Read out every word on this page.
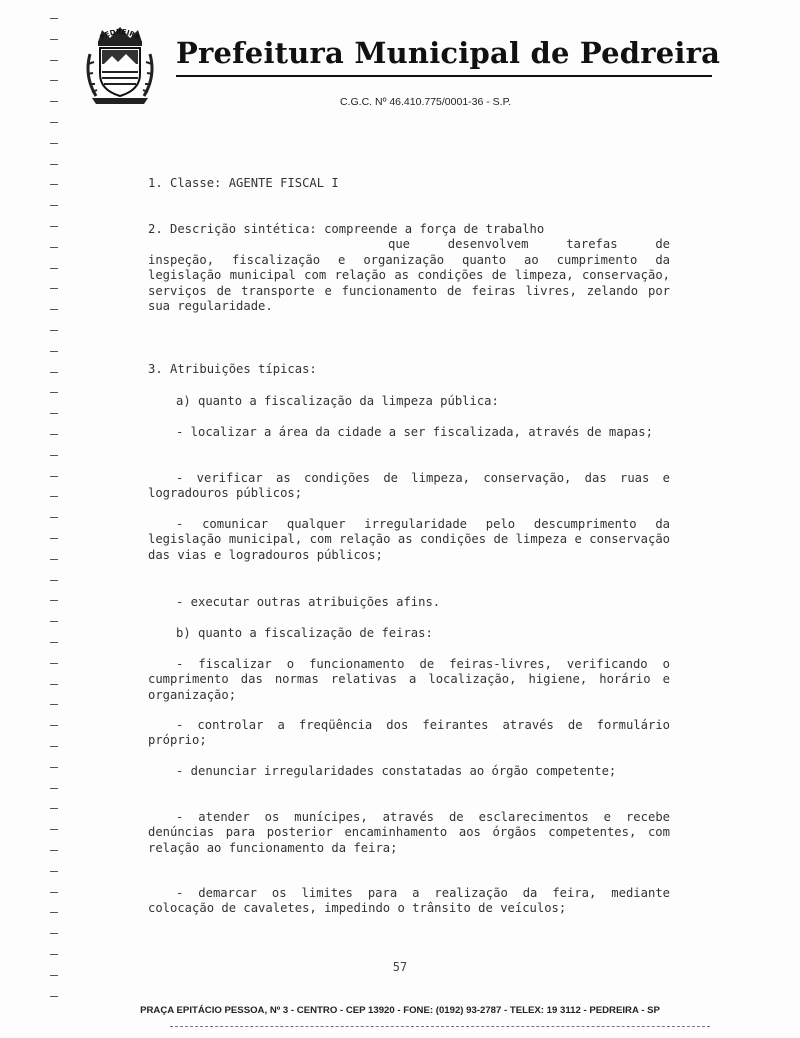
PEDREIRA Prefeitura Municipal de Pedreira
C.G.C. Nº 46.410.775/0001-36 - S.P.
1. Classe: AGENTE FISCAL I
2. Descrição sintética: compreende a força de trabalho
que desenvolvem tarefas de
inspeção, fiscalização e organização quanto ao cumprimento da legislação municipal com relação as condições de limpeza, conservação, serviços de transporte e funcionamento de feiras livres, zelando por sua regularidade.
3. Atribuições típicas:
a) quanto a fiscalização da limpeza pública:
- localizar a área da cidade a ser fiscalizada, através de mapas;
- verificar as condições de limpeza, conservação, das ruas e logradouros públicos;
- comunicar qualquer irregularidade pelo descumprimento da legislação municipal, com relação as condições de limpeza e conservação das vias e logradouros públicos;
- executar outras atribuições afins.
b) quanto a fiscalização de feiras:
- fiscalizar o funcionamento de feiras-livres, verificando o cumprimento das normas relativas a localização, higiene, horário e organização;
- controlar a freqüência dos feirantes através de formulário próprio;
- denunciar irregularidades constatadas ao órgão competente;
- atender os munícipes, através de esclarecimentos e recebe denúncias para posterior encaminhamento aos órgãos competentes, com relação ao funcionamento da feira;
- demarcar os limites para a realização da feira, mediante colocação de cavaletes, impedindo o trânsito de veículos;
57
PRAÇA EPITÁCIO PESSOA, Nº 3 - CENTRO - CEP 13920 - FONE: (0192) 93-2787 - TELEX: 19 3112 - PEDREIRA - SP
